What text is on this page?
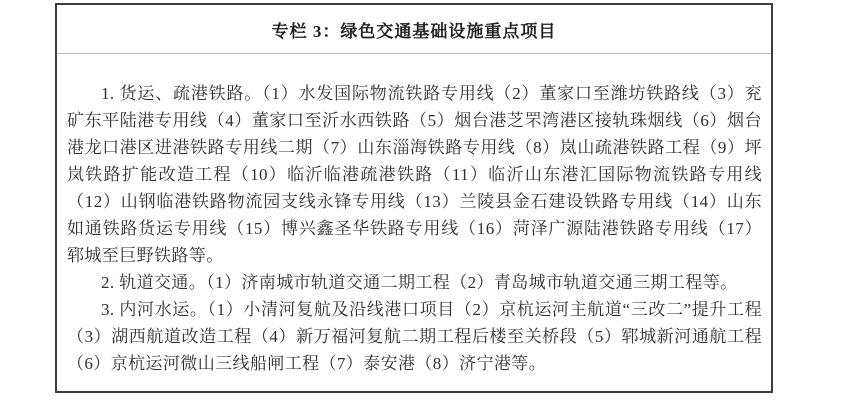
专栏 3：绿色交通基础设施重点项目

1. 货运、疏港铁路。（1）水发国际物流铁路专用线（2）董家口至潍坊铁路线（3）兖矿东平陆港专用线（4）董家口至沂水西铁路（5）烟台港芝罘湾港区接轨珠烟线（6）烟台港龙口港区进港铁路专用线二期（7）山东淄海铁路专用线（8）岚山疏港铁路工程（9）坪岚铁路扩能改造工程（10）临沂临港疏港铁路（11）临沂山东港汇国际物流铁路专用线（12）山钢临港铁路物流园支线永锋专用线（13）兰陵县金石建设铁路专用线（14）山东如通铁路货运专用线（15）博兴鑫圣华铁路专用线（16）菏泽广源陆港铁路专用线（17）郓城至巨野铁路等。

2. 轨道交通。（1）济南城市轨道交通二期工程（2）青岛城市轨道交通三期工程等。

3. 内河水运。（1）小清河复航及沿线港口项目（2）京杭运河主航道“三改二”提升工程（3）湖西航道改造工程（4）新万福河复航二期工程后楼至关桥段（5）郓城新河通航工程（6）京杭运河微山三线船闸工程（7）泰安港（8）济宁港等。
